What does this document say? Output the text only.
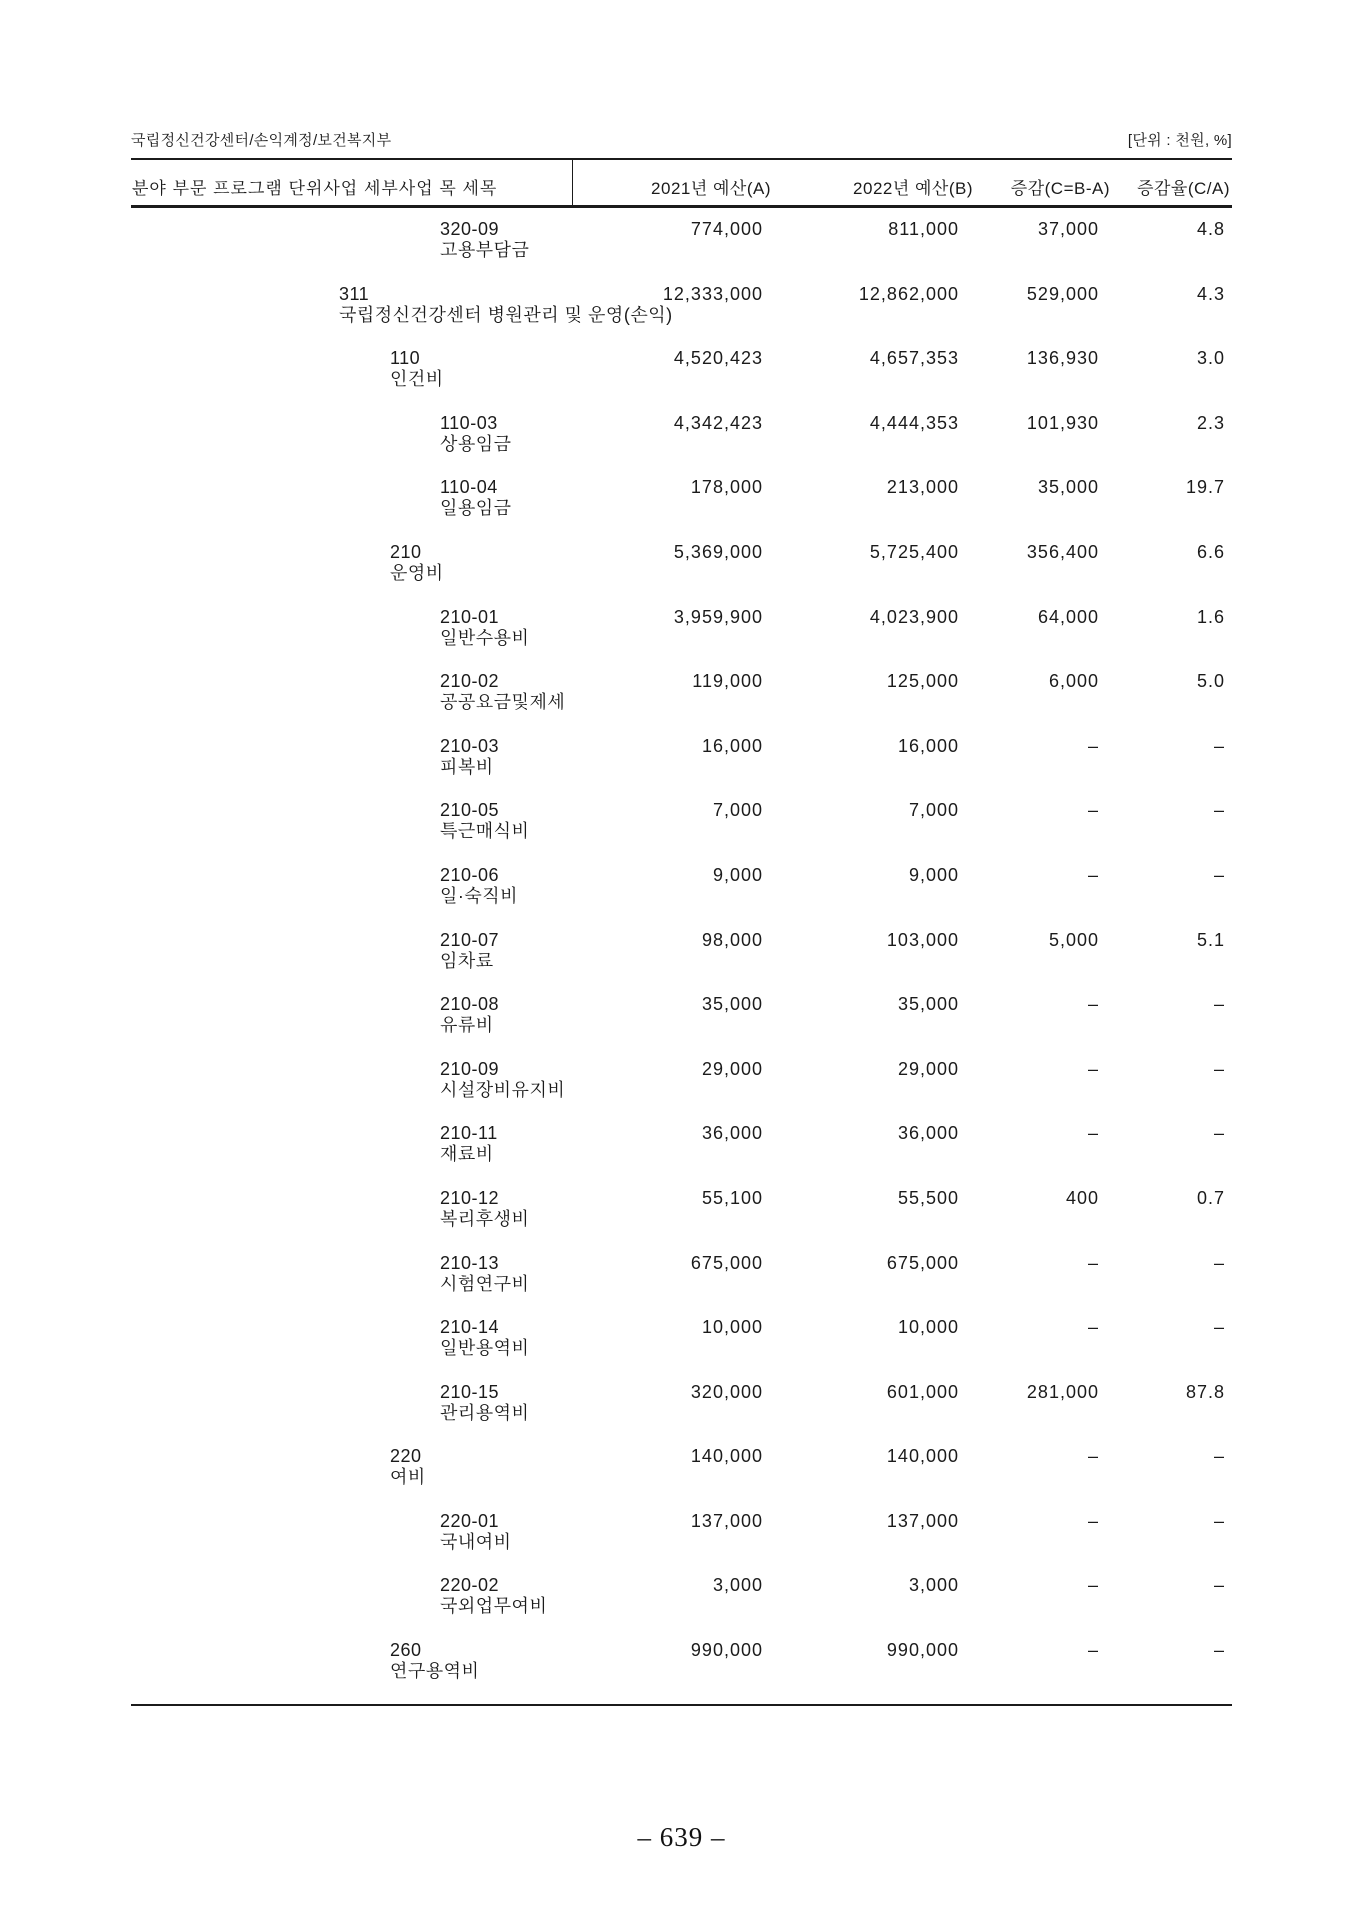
국립정신건강센터/손익계정/보건복지부	[단위 : 천원, %]
분야 부문 프로그램 단위사업 세부사업 목 세목	2021년 예산(A)	2022년 예산(B) 증감(C=B-A) 증감율(C/A)
320-09
고용부담금
774,000	811,000	37,000	4.8
311
국립정신건강센터 병원관리 및 운영(손익)
12,333,000	12,862,000	529,000	4.3
110
인건비
4,520,423	4,657,353	136,930	3.0
110-03
상용임금
4,342,423	4,444,353	101,930	2.3
110-04
일용임금
178,000	213,000	35,000	19.7
210
운영비
5,369,000	5,725,400	356,400	6.6
210-01
일반수용비
3,959,900	4,023,900	64,000	1.6
210-02
공공요금및제세
119,000	125,000	6,000	5.0
210-03
피복비
16,000	16,000	–	–
210-05
특근매식비
7,000	7,000	–	–
210-06
일·숙직비
9,000	9,000	–	–
210-07
임차료
98,000	103,000	5,000	5.1
210-08
유류비
35,000	35,000	–	–
210-09
시설장비유지비
29,000	29,000	–	–
210-11
재료비
36,000	36,000	–	–
210-12
복리후생비
55,100	55,500	400	0.7
210-13
시험연구비
675,000	675,000	–	–
210-14
일반용역비
10,000	10,000	–	–
210-15
관리용역비
320,000	601,000	281,000	87.8
220
여비
140,000	140,000	–	–
220-01
국내여비
137,000	137,000	–	–
220-02
국외업무여비
3,000	3,000	–	–
260
연구용역비
990,000	990,000	–	–
– 639 –
